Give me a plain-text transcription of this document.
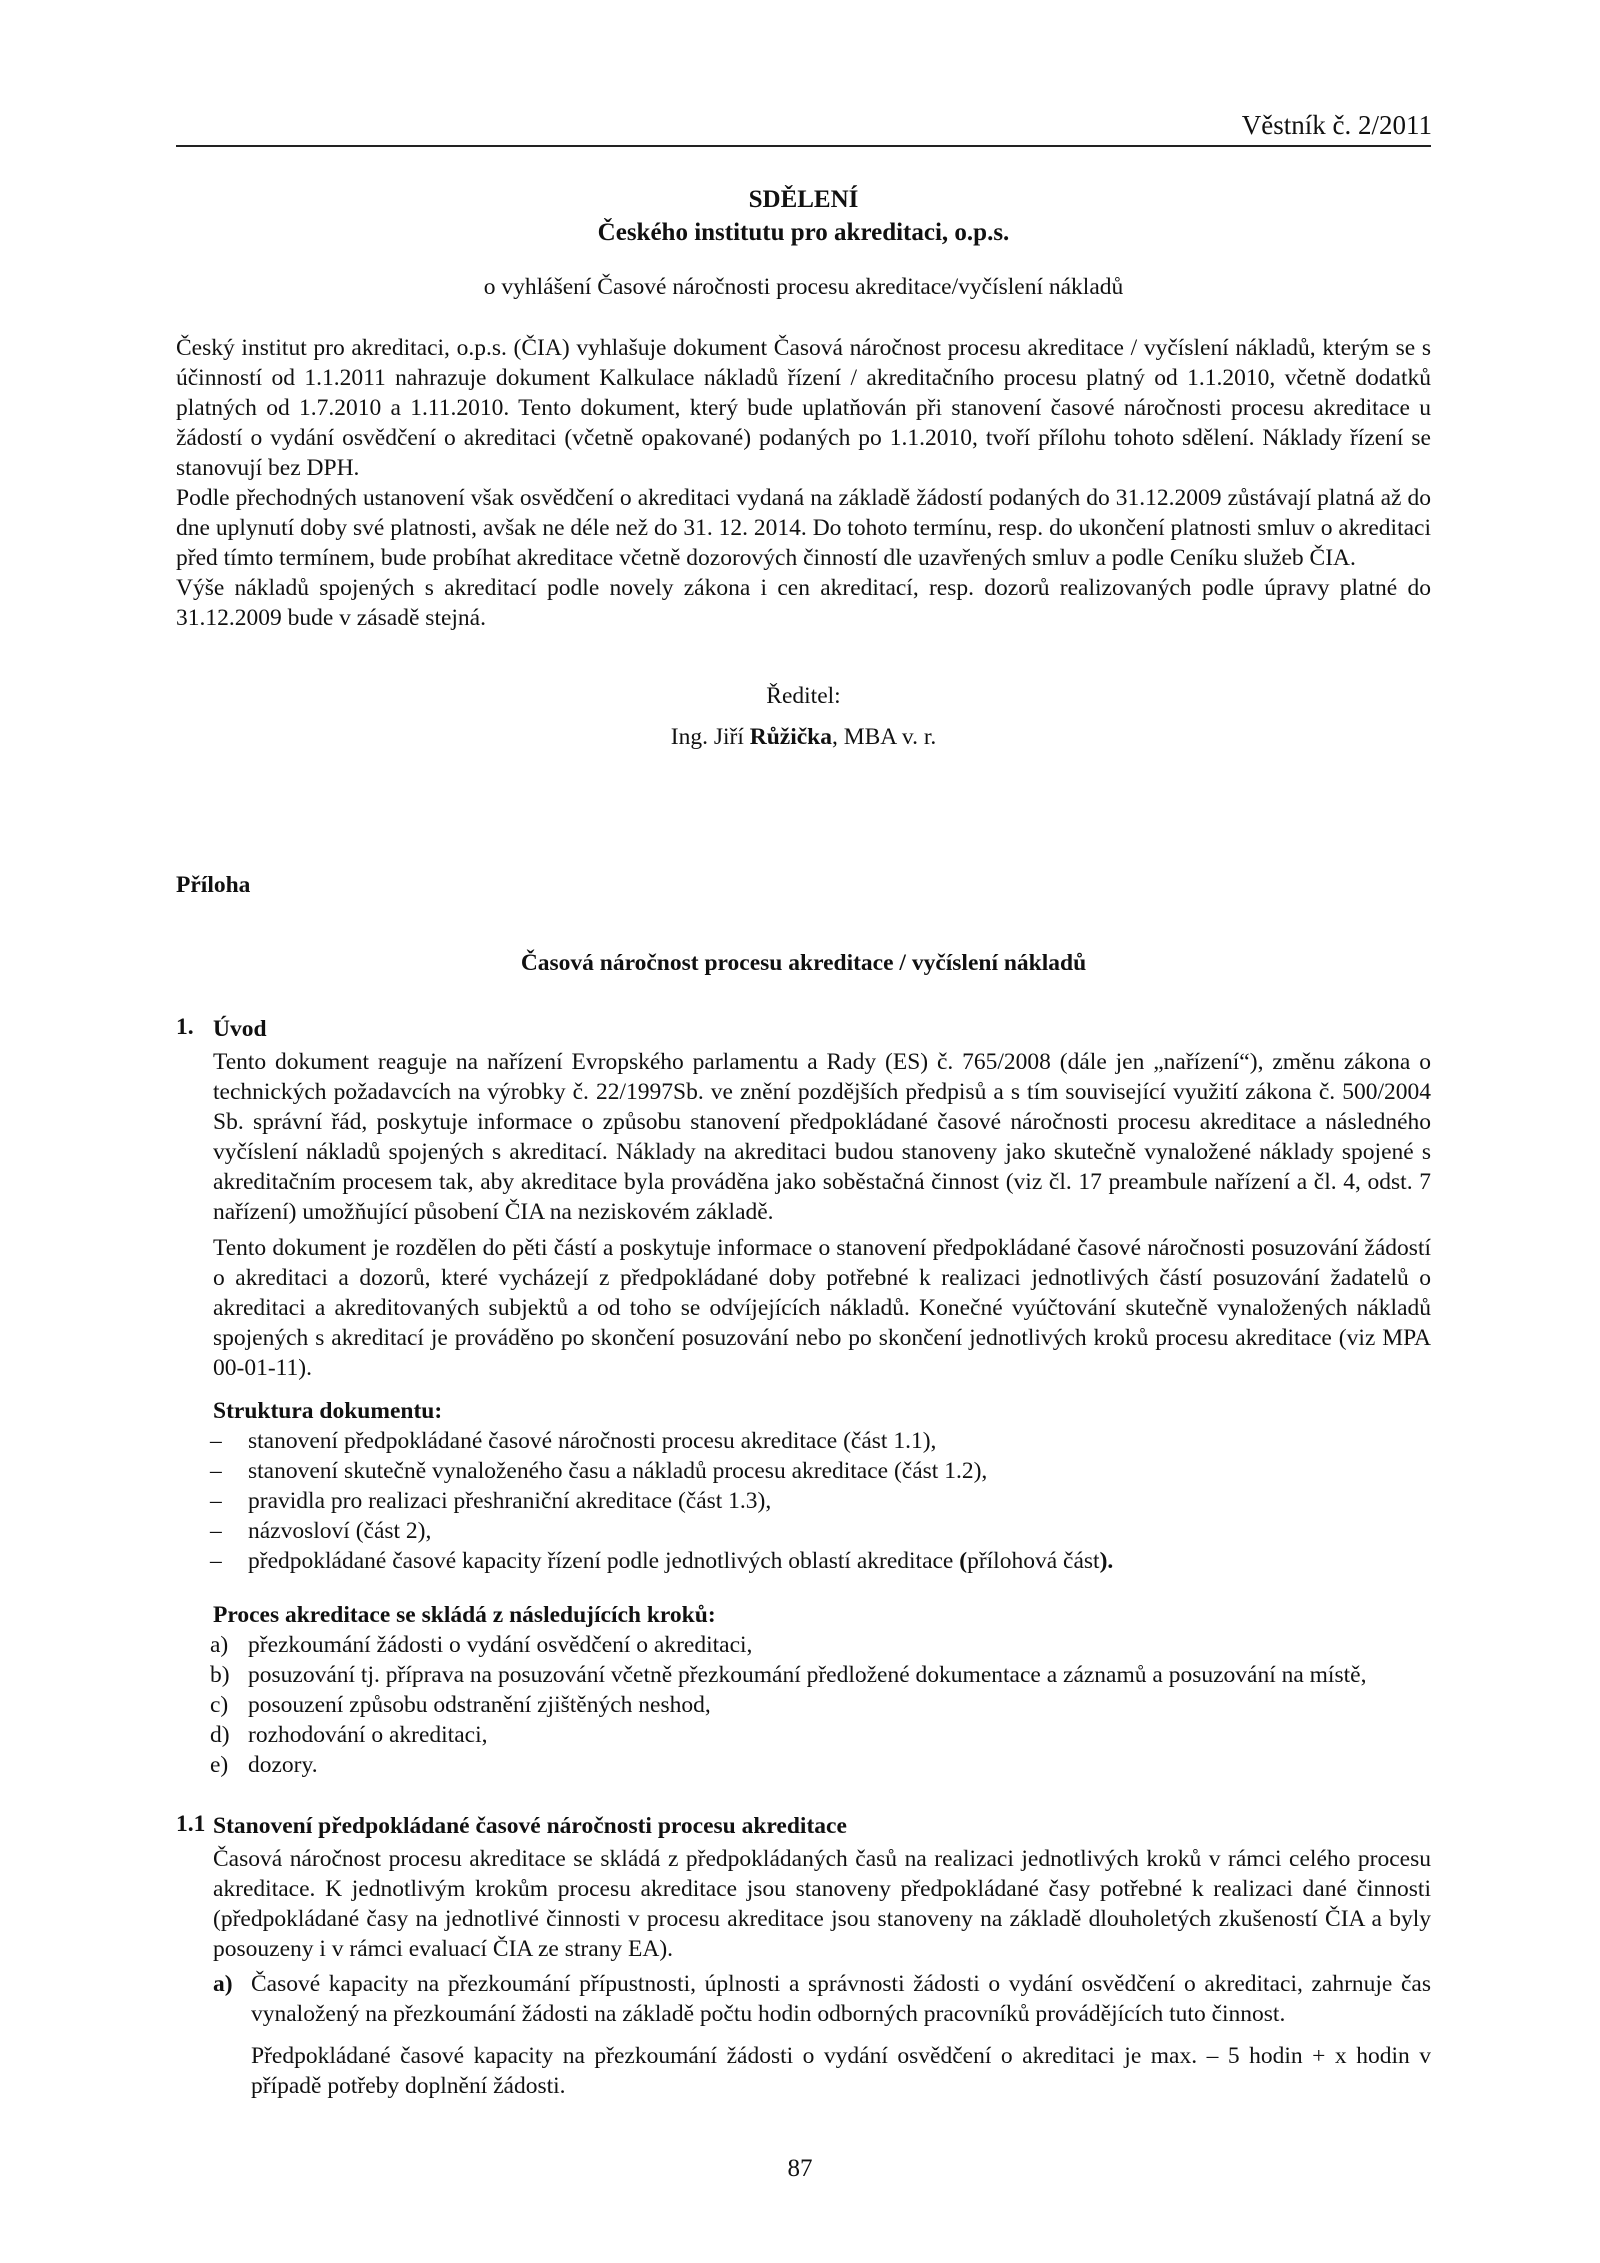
Věstník č. 2/2011
SDĚLENÍ
Českého institutu pro akreditaci, o.p.s.
o vyhlášení Časové náročnosti procesu akreditace/vyčíslení nákladů

Český institut pro akreditaci, o.p.s. (ČIA) vyhlašuje dokument Časová náročnost procesu akreditace / vyčíslení nákladů, kterým se s účinností od 1.1.2011 nahrazuje dokument Kalkulace nákladů řízení / akreditačního procesu platný od 1.1.2010, včetně dodatků platných od 1.7.2010 a 1.11.2010. Tento dokument, který bude uplatňován při stanovení časové náročnosti procesu akreditace u žádostí o vydání osvědčení o akreditaci (včetně opakované) podaných po 1.1.2010, tvoří přílohu tohoto sdělení. Náklady řízení se stanovují bez DPH.

Podle přechodných ustanovení však osvědčení o akreditaci vydaná na základě žádostí podaných do 31.12.2009 zůstávají platná až do dne uplynutí doby své platnosti, avšak ne déle než do 31. 12. 2014. Do tohoto termínu, resp. do ukončení platnosti smluv o akreditaci před tímto termínem, bude probíhat akreditace včetně dozorových činností dle uzavřených smluv a podle Ceníku služeb ČIA.

Výše nákladů spojených s akreditací podle novely zákona i cen akreditací, resp. dozorů realizovaných podle úpravy platné do 31.12.2009 bude v zásadě stejná.

Ředitel:
Ing. Jiří Růžička, MBA v. r.
Příloha
Časová náročnost procesu akreditace / vyčíslení nákladů
1. Úvod

Tento dokument reaguje na nařízení Evropského parlamentu a Rady (ES) č. 765/2008 (dále jen „nařízení“), změnu zákona o technických požadavcích na výrobky č. 22/1997Sb. ve znění pozdějších předpisů a s tím související využití zákona č. 500/2004 Sb. správní řád, poskytuje informace o způsobu stanovení předpokládané časové náročnosti procesu akreditace a následného vyčíslení nákladů spojených s akreditací. Náklady na akreditaci budou stanoveny jako skutečně vynaložené náklady spojené s akreditačním procesem tak, aby akreditace byla prováděna jako soběstačná činnost (viz čl. 17 preambule nařízení a čl. 4, odst. 7 nařízení) umožňující působení ČIA na neziskovém základě.

Tento dokument je rozdělen do pěti částí a poskytuje informace o stanovení předpokládané časové náročnosti posuzování žádostí o akreditaci a dozorů, které vycházejí z předpokládané doby potřebné k realizaci jednotlivých částí posuzování žadatelů o akreditaci a akreditovaných subjektů a od toho se odvíjejících nákladů. Konečné vyúčtování skutečně vynaložených nákladů spojených s akreditací je prováděno po skončení posuzování nebo po skončení jednotlivých kroků procesu akreditace (viz MPA 00-01-11).

Struktura dokumentu:
– stanovení předpokládané časové náročnosti procesu akreditace (část 1.1),
– stanovení skutečně vynaloženého času a nákladů procesu akreditace (část 1.2),
– pravidla pro realizaci přeshraniční akreditace (část 1.3),
– názvosloví (část 2),
– předpokládané časové kapacity řízení podle jednotlivých oblastí akreditace (přílohová část).
Proces akreditace se skládá z následujících kroků:
a) přezkoumání žádosti o vydání osvědčení o akreditaci,
b) posuzování tj. příprava na posuzování včetně přezkoumání předložené dokumentace a záznamů a posuzování na místě,
c) posouzení způsobu odstranění zjištěných neshod,
d) rozhodování o akreditaci,
e) dozory.
1.1 Stanovení předpokládané časové náročnosti procesu akreditace
Časová náročnost procesu akreditace se skládá z předpokládaných časů na realizaci jednotlivých kroků v rámci celého procesu akreditace. K jednotlivým krokům procesu akreditace jsou stanoveny předpokládané časy potřebné k realizaci dané činnosti (předpokládané časy na jednotlivé činnosti v procesu akreditace jsou stanoveny na základě dlouholetých zkušeností ČIA a byly posouzeny i v rámci evaluací ČIA ze strany EA).
a) Časové kapacity na přezkoumání přípustnosti, úplnosti a správnosti žádosti o vydání osvědčení o akreditaci, zahrnuje čas vynaložený na přezkoumání žádosti na základě počtu hodin odborných pracovníků provádějících tuto činnost.

Předpokládané časové kapacity na přezkoumání žádosti o vydání osvědčení o akreditaci je max. – 5 hodin + x hodin v případě potřeby doplnění žádosti.

87
